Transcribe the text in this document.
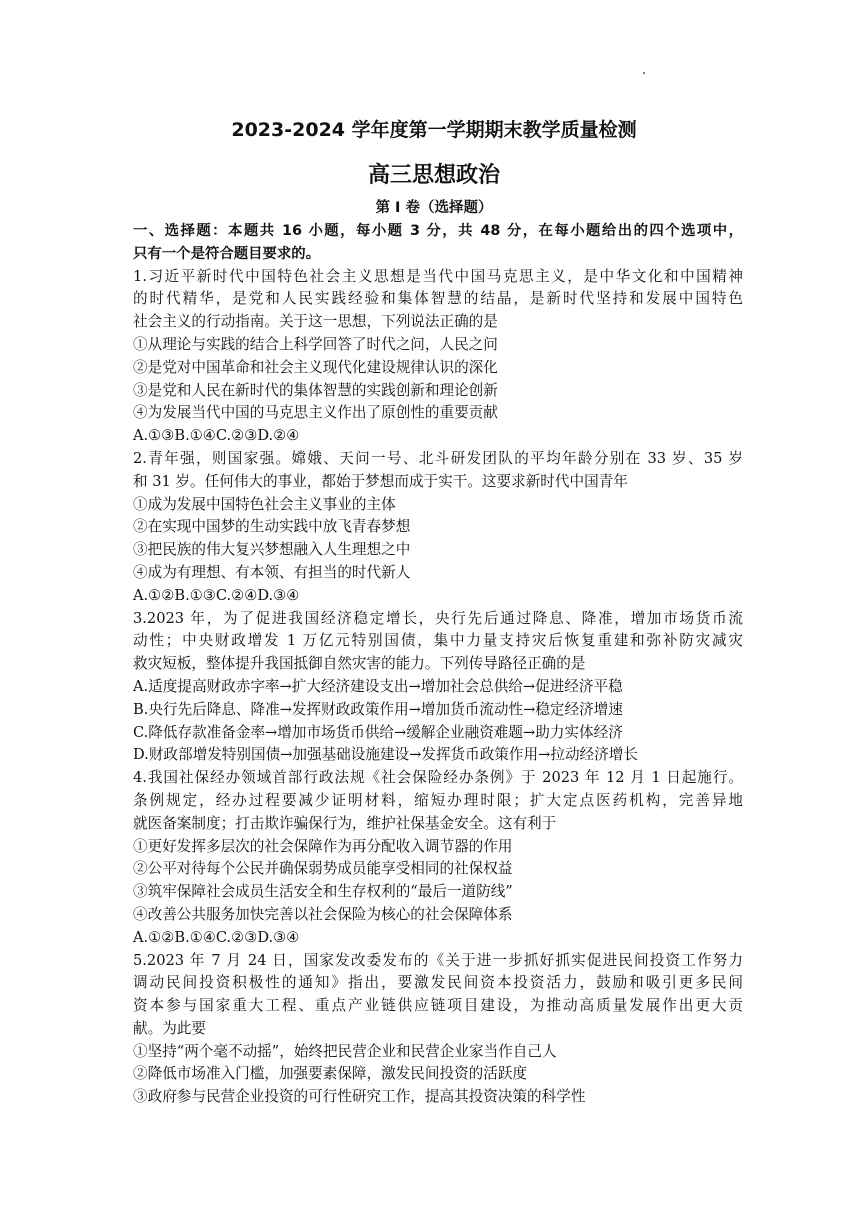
2023-2024 学年度第一学期期末教学质量检测
高三思想政治
第 I 卷（选择题）
一、选择题：本题共 16 小题，每小题 3 分，共 48 分，在每小题给出的四个选项中，
只有一个是符合题目要求的。
1.习近平新时代中国特色社会主义思想是当代中国马克思主义，是中华文化和中国精神
的时代精华，是党和人民实践经验和集体智慧的结晶，是新时代坚持和发展中国特色
社会主义的行动指南。关于这一思想，下列说法正确的是
①从理论与实践的结合上科学回答了时代之问，人民之问
②是党对中国革命和社会主义现代化建设规律认识的深化
③是党和人民在新时代的集体智慧的实践创新和理论创新
④为发展当代中国的马克思主义作出了原创性的重要贡献
A.①③B.①④C.②③D.②④
2.青年强，则国家强。嫦娥、天问一号、北斗研发团队的平均年龄分别在 33 岁、35 岁
和 31 岁。任何伟大的事业，都始于梦想而成于实干。这要求新时代中国青年
①成为发展中国特色社会主义事业的主体
②在实现中国梦的生动实践中放飞青春梦想
③把民族的伟大复兴梦想融入人生理想之中
④成为有理想、有本领、有担当的时代新人
A.①②B.①③C.②④D.③④
3.2023 年，为了促进我国经济稳定增长，央行先后通过降息、降准，增加市场货币流
动性；中央财政增发 1 万亿元特别国债，集中力量支持灾后恢复重建和弥补防灾减灾
救灾短板，整体提升我国抵御自然灾害的能力。下列传导路径正确的是
A.适度提高财政赤字率→扩大经济建设支出→增加社会总供给→促进经济平稳
B.央行先后降息、降准→发挥财政政策作用→增加货币流动性→稳定经济增速
C.降低存款准备金率→增加市场货币供给→缓解企业融资难题→助力实体经济
D.财政部增发特别国债→加强基础设施建设→发挥货币政策作用→拉动经济增长
4.我国社保经办领域首部行政法规《社会保险经办条例》于 2023 年 12 月 1 日起施行。
条例规定，经办过程要减少证明材料，缩短办理时限；扩大定点医药机构，完善异地
就医备案制度；打击欺诈骗保行为，维护社保基金安全。这有利于
①更好发挥多层次的社会保障作为再分配收入调节器的作用
②公平对待每个公民并确保弱势成员能享受相同的社保权益
③筑牢保障社会成员生活安全和生存权利的“最后一道防线”
④改善公共服务加快完善以社会保险为核心的社会保障体系
A.①②B.①④C.②③D.③④
5.2023 年 7 月 24 日，国家发改委发布的《关于进一步抓好抓实促进民间投资工作努力
调动民间投资积极性的通知》指出，要激发民间资本投资活力，鼓励和吸引更多民间
资本参与国家重大工程、重点产业链供应链项目建设，为推动高质量发展作出更大贡
献。为此要
①坚持“两个毫不动摇”，始终把民营企业和民营企业家当作自己人
②降低市场准入门槛，加强要素保障，激发民间投资的活跃度
③政府参与民营企业投资的可行性研究工作，提高其投资决策的科学性
